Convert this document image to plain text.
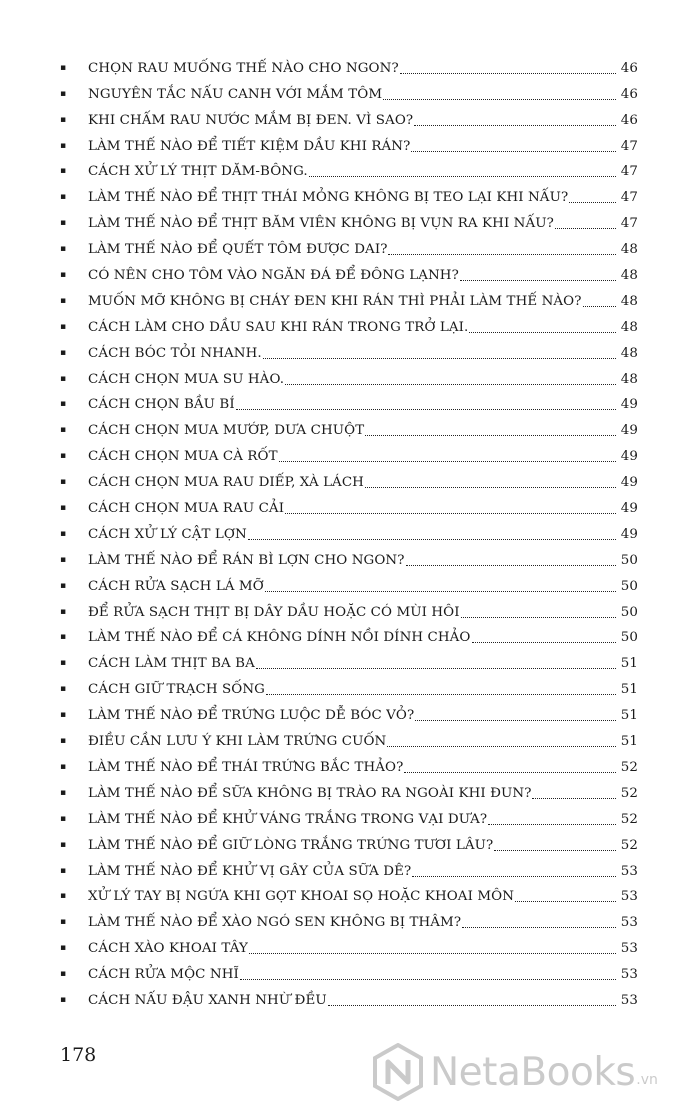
▪	CHỌN RAU MUỐNG THẾ NÀO CHO NGON?	46
▪	NGUYÊN TẮC NẤU CANH VỚI MẮM TÔM	46
▪	KHI CHẤM RAU NƯỚC MẮM BỊ ĐEN. VÌ SAO?	46
▪	LÀM THẾ NÀO ĐỂ TIẾT KIỆM DẦU KHI RÁN?	47
▪	CÁCH XỬ LÝ THỊT DĂM-BÔNG.	47
▪	LÀM THẾ NÀO ĐỂ THỊT THÁI MỎNG KHÔNG BỊ TEO LẠI KHI NẤU?	47
▪	LÀM THẾ NÀO ĐỂ THỊT BĂM VIÊN KHÔNG BỊ VỤN RA KHI NẤU?	47
▪	LÀM THẾ NÀO ĐỂ QUẾT TÔM ĐƯỢC DAI?	48
▪	CÓ NÊN CHO TÔM VÀO NGĂN ĐÁ ĐỂ ĐÔNG LẠNH?	48
▪	MUỐN MỠ KHÔNG BỊ CHÁY ĐEN KHI RÁN THÌ PHẢI LÀM THẾ NÀO?	48
▪	CÁCH LÀM CHO DẦU SAU KHI RÁN TRONG TRỞ LẠI.	48
▪	CÁCH BÓC TỎI NHANH.	48
▪	CÁCH CHỌN MUA SU HÀO.	48
▪	CÁCH CHỌN BẦU BÍ	49
▪	CÁCH CHỌN MUA MƯỚP, DƯA CHUỘT	49
▪	CÁCH CHỌN MUA CÀ RỐT	49
▪	CÁCH CHỌN MUA RAU DIẾP, XÀ LÁCH	49
▪	CÁCH CHỌN MUA RAU CẢI	49
▪	CÁCH XỬ LÝ CẬT LỢN	49
▪	LÀM THẾ NÀO ĐỂ RÁN BÌ LỢN CHO NGON?	50
▪	CÁCH RỬA SẠCH LÁ MỠ	50
▪	ĐỂ RỬA SẠCH THỊT BỊ DÂY DẦU HOẶC CÓ MÙI HÔI	50
▪	LÀM THẾ NÀO ĐỂ CÁ KHÔNG DÍNH NỒI DÍNH CHẢO	50
▪	CÁCH LÀM THỊT BA BA	51
▪	CÁCH GIỮ TRẠCH SỐNG	51
▪	LÀM THẾ NÀO ĐỂ TRỨNG LUỘC DỄ BÓC VỎ?	51
▪	ĐIỀU CẦN LƯU Ý KHI LÀM TRỨNG CUỐN	51
▪	LÀM THẾ NÀO ĐỂ THÁI TRỨNG BẮC THẢO?	52
▪	LÀM THẾ NÀO ĐỂ SỮA KHÔNG BỊ TRÀO RA NGOÀI KHI ĐUN?	52
▪	LÀM THẾ NÀO ĐỂ KHỬ VÁNG TRẮNG TRONG VẠI DƯA?	52
▪	LÀM THẾ NÀO ĐỂ GIỮ LÒNG TRẮNG TRỨNG TƯƠI LÂU?	52
▪	LÀM THẾ NÀO ĐỂ KHỬ VỊ GÂY CỦA SỮA DÊ?	53
▪	XỬ LÝ TAY BỊ NGỨA KHI GỌT KHOAI SỌ HOẶC KHOAI MÔN	53
▪	LÀM THẾ NÀO ĐỂ XÀO NGÓ SEN KHÔNG BỊ THÂM?	53
▪	CÁCH XÀO KHOAI TÂY	53
▪	CÁCH RỬA MỘC NHĨ	53
▪	CÁCH NẤU ĐẬU XANH NHỪ ĐỀU	53
178	NetaBooks .vn
